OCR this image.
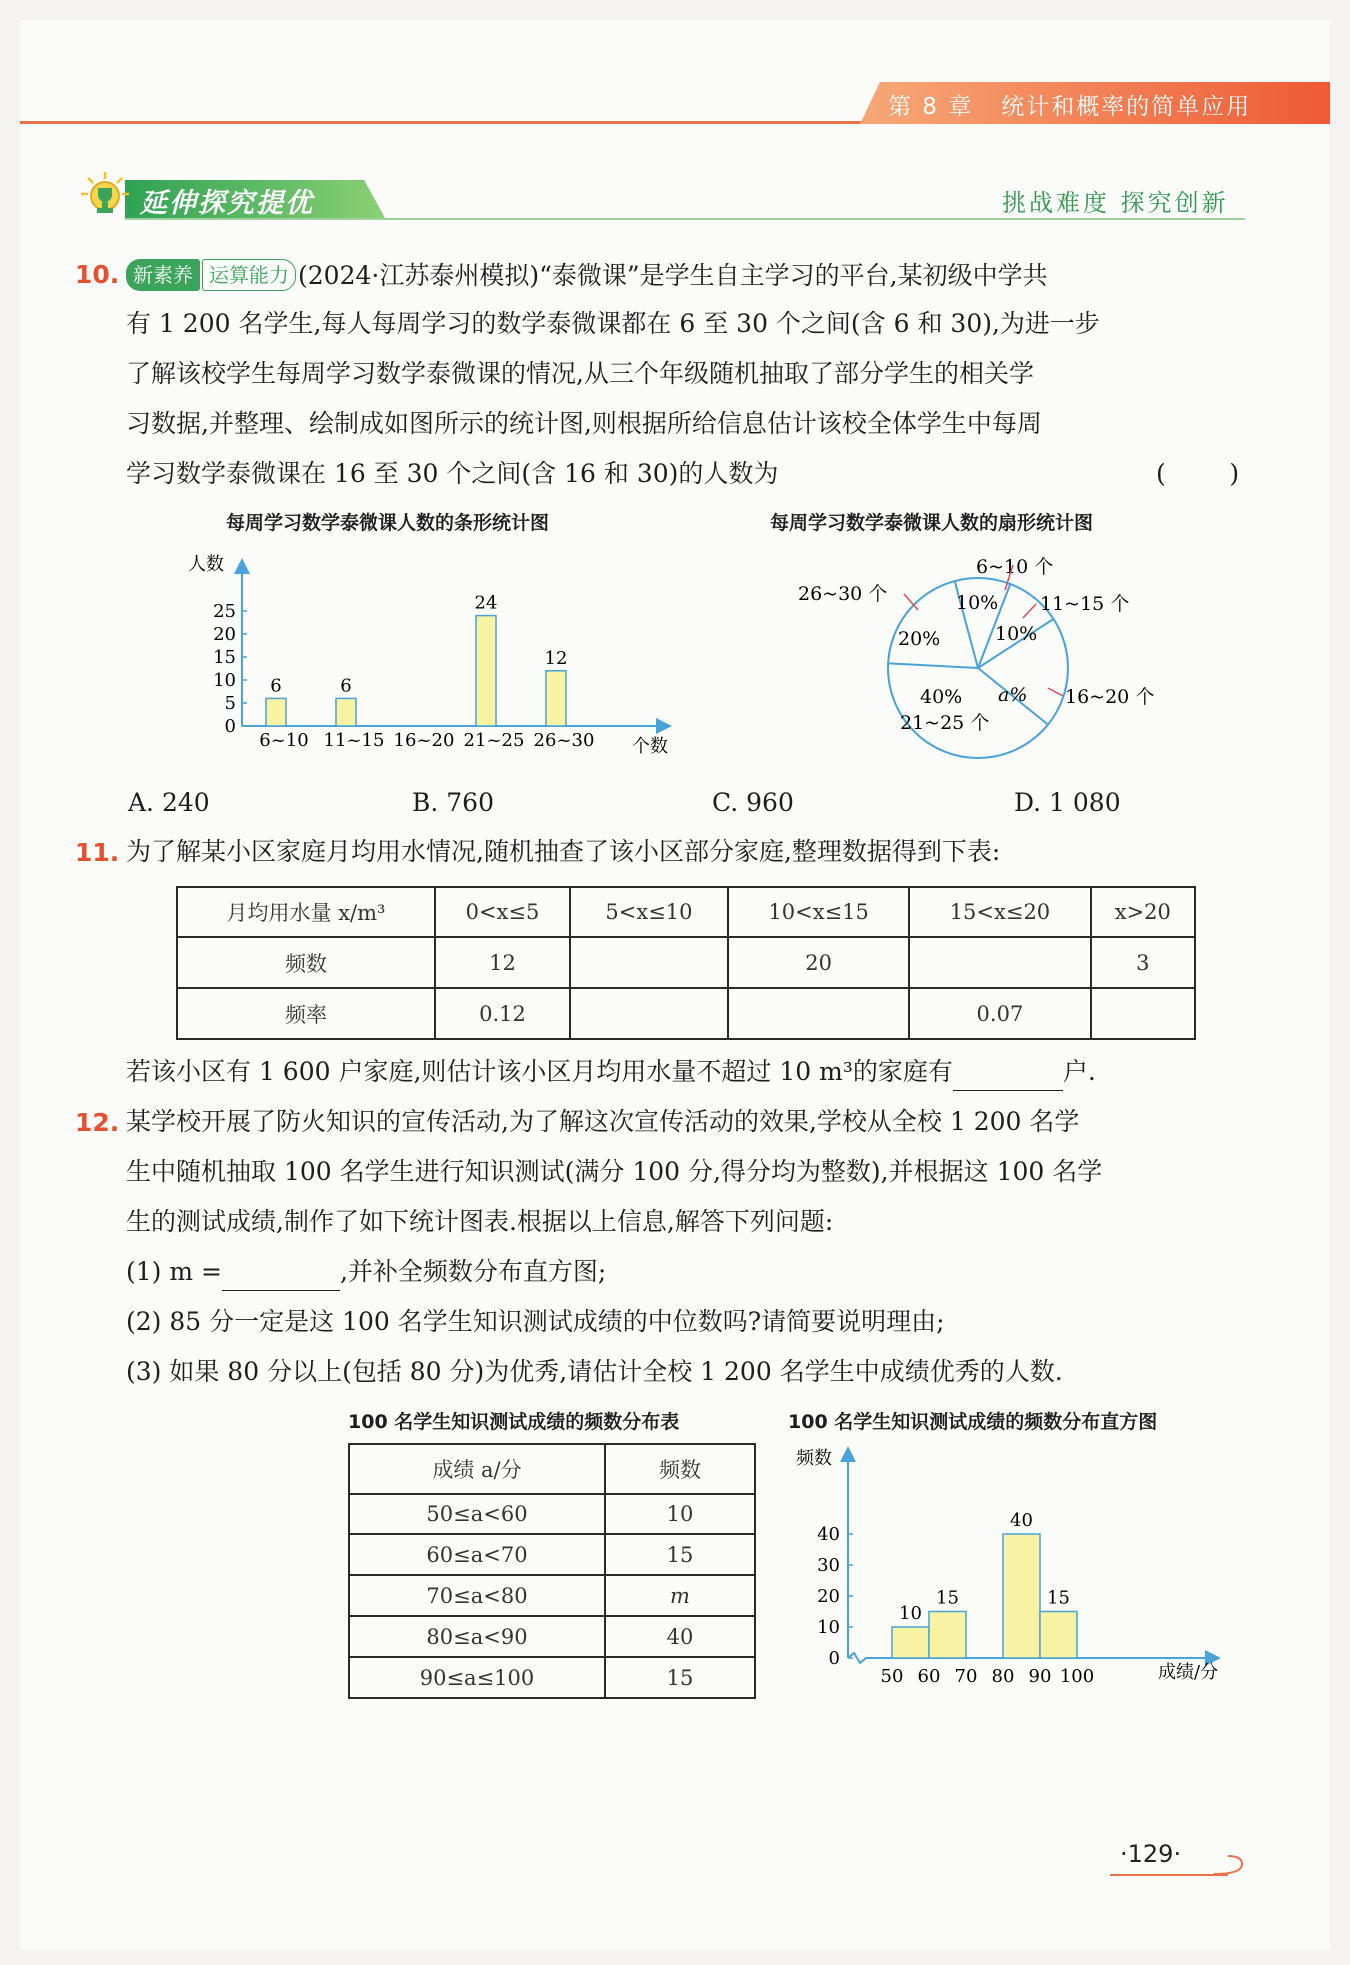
第 8 章 统计和概率的简单应用
延伸探究提优	挑战难度 探究创新
10. 新素养 运算能力 (2024·江苏泰州模拟)“泰微课”是学生自主学习的平台,某初级中学共
有 1 200 名学生,每人每周学习的数学泰微课都在 6 至 30 个之间(含 6 和 30),为进一步
了解该校学生每周学习数学泰微课的情况,从三个年级随机抽取了部分学生的相关学
习数据,并整理、绘制成如图所示的统计图,则根据所给信息估计该校全体学生中每周
学习数学泰微课在 16 至 30 个之间(含 16 和 30)的人数为	(        )
每周学习数学泰微课人数的条形统计图
人数
个数
0
5
10
15
20
25
6~10 11~15 16~20 21~25 26~30
6	6
24
12
每周学习数学泰微课人数的扇形统计图
6~10 个
11~15 个
16~20 个
21~25 个
26~30 个	10%
10%
a%
40%
20%
A. 240	B. 760	C. 960	D. 1 080
11. 为了解某小区家庭月均用水情况,随机抽查了该小区部分家庭,整理数据得到下表:
月均用水量 x/m³	0<x≤5	5<x≤10	10<x≤15	15<x≤20	x>20
频数	12		20		3
频率	0.12			0.07	
若该小区有 1 600 户家庭,则估计该小区月均用水量不超过 10 m³的家庭有	户.
12. 某学校开展了防火知识的宣传活动,为了解这次宣传活动的效果,学校从全校 1 200 名学
生中随机抽取 100 名学生进行知识测试(满分 100 分,得分均为整数),并根据这 100 名学
生的测试成绩,制作了如下统计图表.根据以上信息,解答下列问题:
(1) m =	,并补全频数分布直方图;
(2) 85 分一定是这 100 名学生知识测试成绩的中位数吗?请简要说明理由;
(3) 如果 80 分以上(包括 80 分)为优秀,请估计全校 1 200 名学生中成绩优秀的人数.
100 名学生知识测试成绩的频数分布表
成绩 a/分	频数
50≤a<60	10
60≤a<70	15
70≤a<80	m
80≤a<90	40
90≤a≤100	15
100 名学生知识测试成绩的频数分布直方图
频数
成绩/分
0
10
20
30
40
50 60 70 80 90 100
10
15
40
15
·129·
